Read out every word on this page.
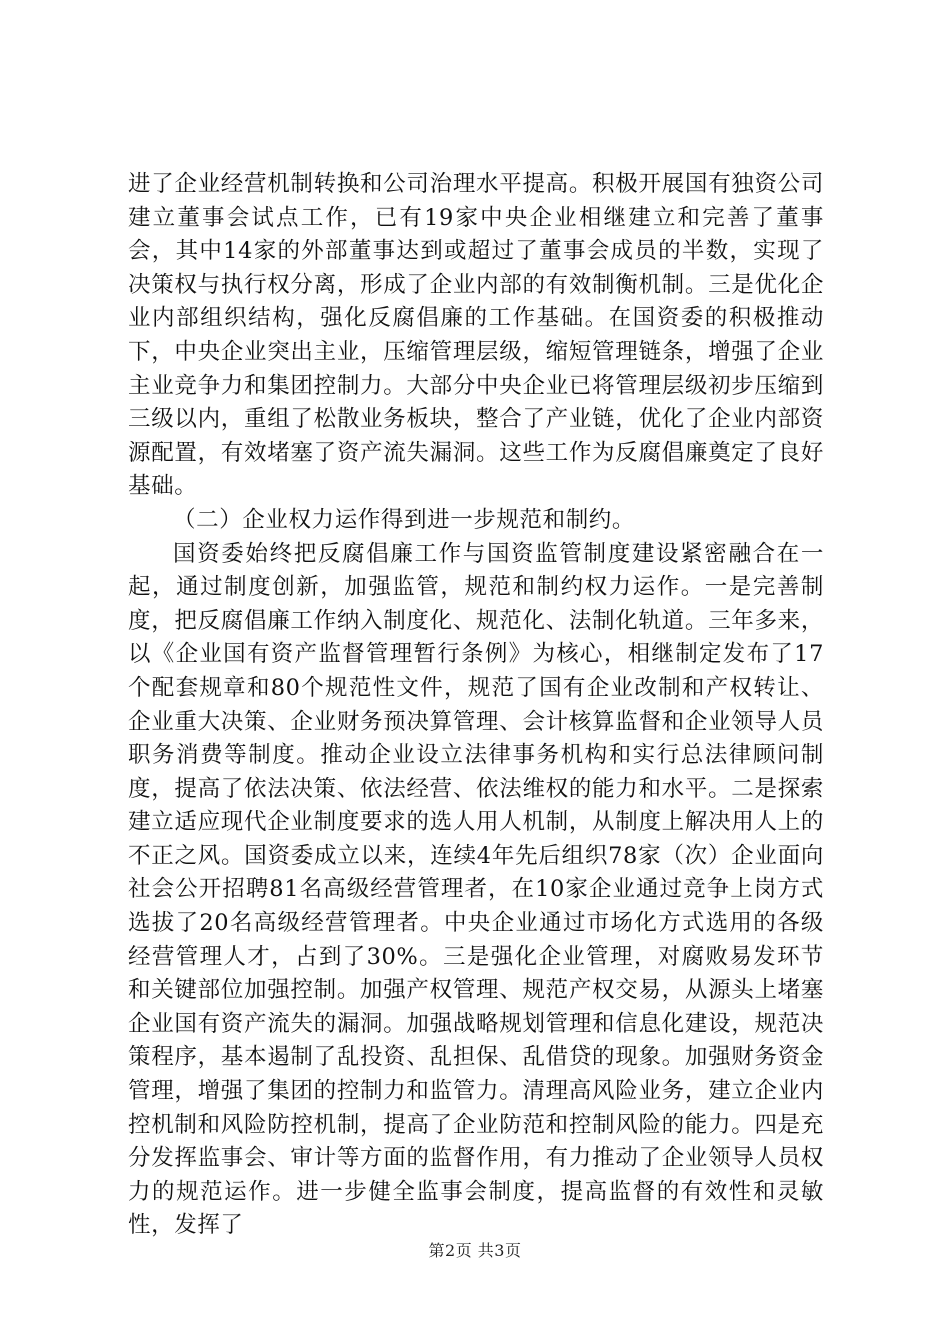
进了企业经营机制转换和公司治理水平提高。积极开展国有独资公司建立董事会试点工作，已有19家中央企业相继建立和完善了董事会，其中14家的外部董事达到或超过了董事会成员的半数，实现了决策权与执行权分离，形成了企业内部的有效制衡机制。三是优化企业内部组织结构，强化反腐倡廉的工作基础。在国资委的积极推动下，中央企业突出主业，压缩管理层级，缩短管理链条，增强了企业主业竞争力和集团控制力。大部分中央企业已将管理层级初步压缩到三级以内，重组了松散业务板块，整合了产业链，优化了企业内部资源配置，有效堵塞了资产流失漏洞。这些工作为反腐倡廉奠定了良好基础。

（二）企业权力运作得到进一步规范和制约。

国资委始终把反腐倡廉工作与国资监管制度建设紧密融合在一起，通过制度创新，加强监管，规范和制约权力运作。一是完善制度，把反腐倡廉工作纳入制度化、规范化、法制化轨道。三年多来，以《企业国有资产监督管理暂行条例》为核心，相继制定发布了17个配套规章和80个规范性文件，规范了国有企业改制和产权转让、企业重大决策、企业财务预决算管理、会计核算监督和企业领导人员职务消费等制度。推动企业设立法律事务机构和实行总法律顾问制度，提高了依法决策、依法经营、依法维权的能力和水平。二是探索建立适应现代企业制度要求的选人用人机制，从制度上解决用人上的不正之风。国资委成立以来，连续4年先后组织78家（次）企业面向社会公开招聘81名高级经营管理者，在10家企业通过竞争上岗方式选拔了20名高级经营管理者。中央企业通过市场化方式选用的各级经营管理人才，占到了30%。三是强化企业管理，对腐败易发环节和关键部位加强控制。加强产权管理、规范产权交易，从源头上堵塞企业国有资产流失的漏洞。加强战略规划管理和信息化建设，规范决策程序，基本遏制了乱投资、乱担保、乱借贷的现象。加强财务资金管理，增强了集团的控制力和监管力。清理高风险业务，建立企业内控机制和风险防控机制，提高了企业防范和控制风险的能力。四是充分发挥监事会、审计等方面的监督作用，有力推动了企业领导人员权力的规范运作。进一步健全监事会制度，提高监督的有效性和灵敏性，发挥了

第2页 共3页
